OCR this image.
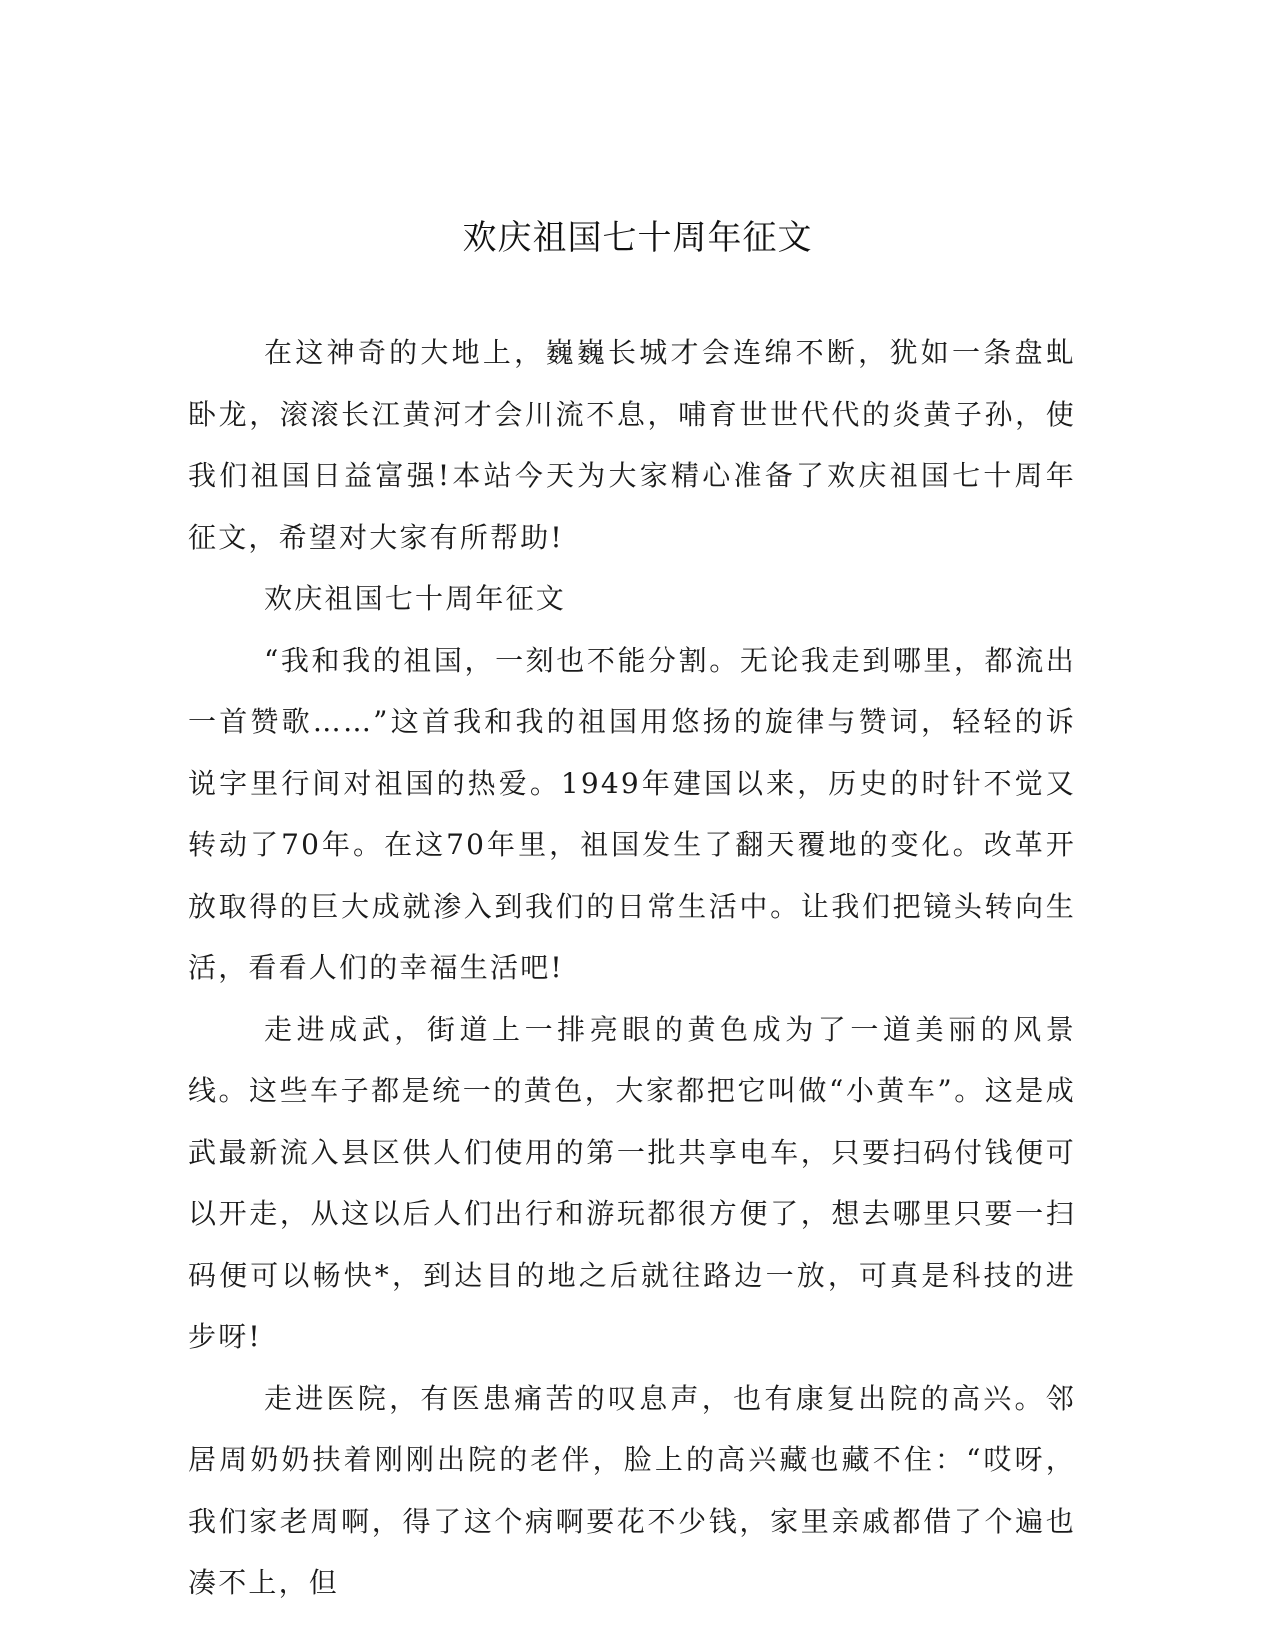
欢庆祖国七十周年征文

在这神奇的大地上，巍巍长城才会连绵不断，犹如一条盘虬卧龙，滚滚长江黄河才会川流不息，哺育世世代代的炎黄子孙，使我们祖国日益富强!本站今天为大家精心准备了欢庆祖国七十周年征文，希望对大家有所帮助!

欢庆祖国七十周年征文

“我和我的祖国，一刻也不能分割。无论我走到哪里，都流出一首赞歌……”这首我和我的祖国用悠扬的旋律与赞词，轻轻的诉说字里行间对祖国的热爱。1949年建国以来，历史的时针不觉又转动了70年。在这70年里，祖国发生了翻天覆地的变化。改革开放取得的巨大成就渗入到我们的日常生活中。让我们把镜头转向生活，看看人们的幸福生活吧!

走进成武，街道上一排亮眼的黄色成为了一道美丽的风景线。这些车子都是统一的黄色，大家都把它叫做“小黄车”。这是成武最新流入县区供人们使用的第一批共享电车，只要扫码付钱便可以开走，从这以后人们出行和游玩都很方便了，想去哪里只要一扫码便可以畅快*，到达目的地之后就往路边一放，可真是科技的进步呀!

走进医院，有医患痛苦的叹息声，也有康复出院的高兴。邻居周奶奶扶着刚刚出院的老伴，脸上的高兴藏也藏不住：“哎呀，我们家老周啊，得了这个病啊要花不少钱，家里亲戚都借了个遍也凑不上，但
